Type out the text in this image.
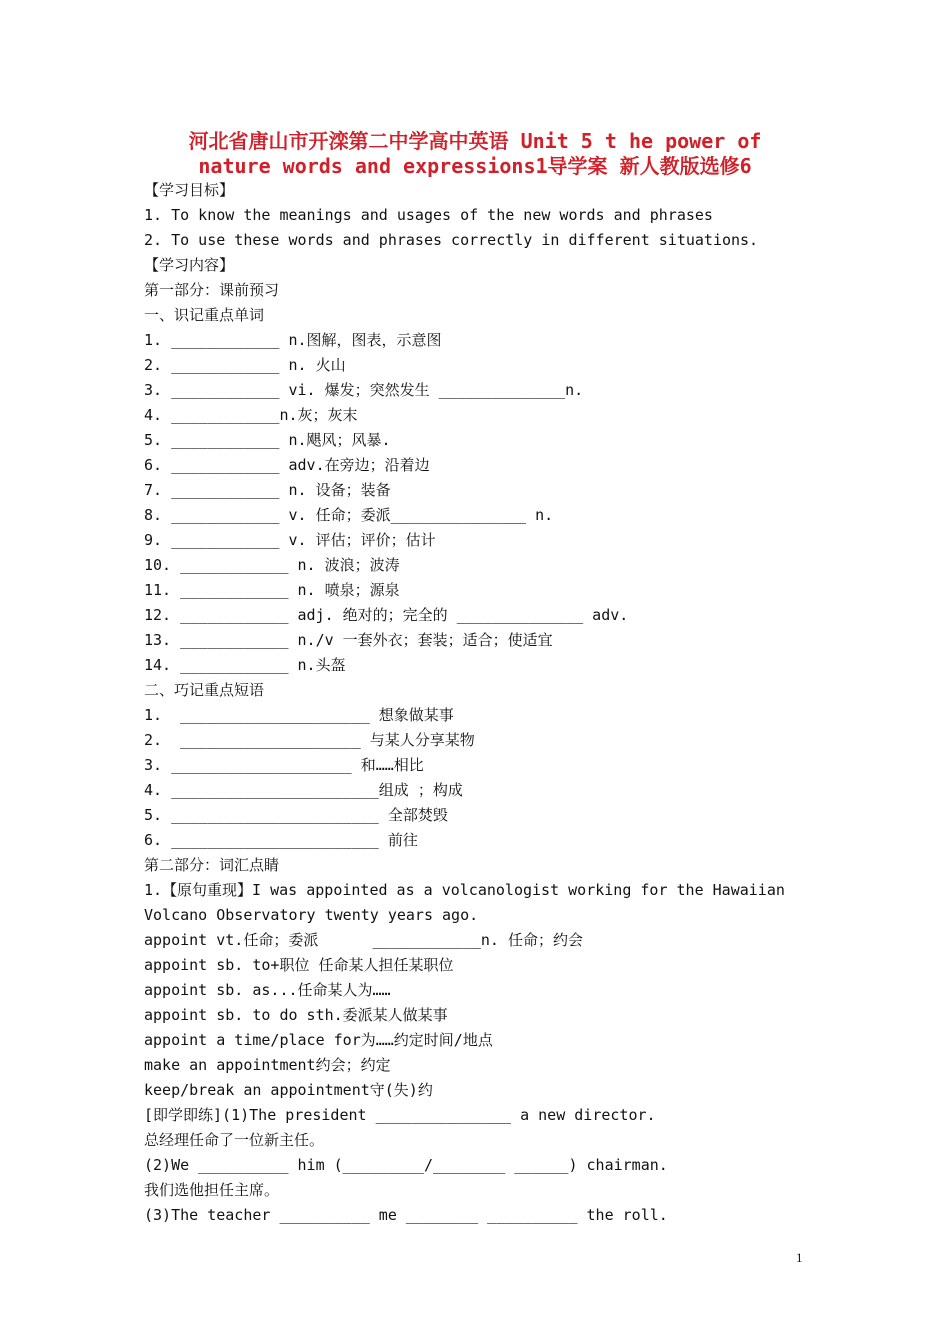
河北省唐山市开滦第二中学高中英语 Unit 5 t he power of
nature words and expressions1导学案 新人教版选修6
【学习目标】
1. To know the meanings and usages of the new words and phrases
2. To use these words and phrases correctly in different situations.
【学习内容】
第一部分：课前预习
一、识记重点单词
1. ____________ n.图解，图表，示意图
2. ____________ n. 火山
3. ____________ vi. 爆发；突然发生 ______________n.
4. ____________n.灰；灰末
5. ____________ n.飓风；风暴.
6. ____________ adv.在旁边；沿着边
7. ____________ n. 设备；装备
8. ____________ v. 任命；委派_______________ n.
9. ____________ v. 评估；评价；估计
10. ____________ n. 波浪；波涛
11. ____________ n. 喷泉；源泉
12. ____________ adj. 绝对的；完全的 ______________ adv.
13. ____________ n./v 一套外衣；套装；适合；使适宜
14. ____________ n.头盔
二、巧记重点短语
1.  _____________________ 想象做某事
2.  ____________________ 与某人分享某物
3. ____________________ 和……相比
4. _______________________组成 ；构成
5. _______________________ 全部焚毁
6. _______________________ 前往
第二部分：词汇点睛
1.【原句重现】I was appointed as a volcanologist working for the Hawaiian
Volcano Observatory twenty years ago.
appoint vt.任命；委派      ____________n. 任命；约会
appoint sb. to+职位 任命某人担任某职位
appoint sb. as...任命某人为……
appoint sb. to do sth.委派某人做某事
appoint a time/place for为……约定时间/地点
make an appointment约会；约定
keep/break an appointment守(失)约
[即学即练](1)The president _______________ a new director.
总经理任命了一位新主任。
(2)We __________ him (_________/________ ______) chairman.
我们选他担任主席。
(3)The teacher __________ me ________ __________ the roll.
1
